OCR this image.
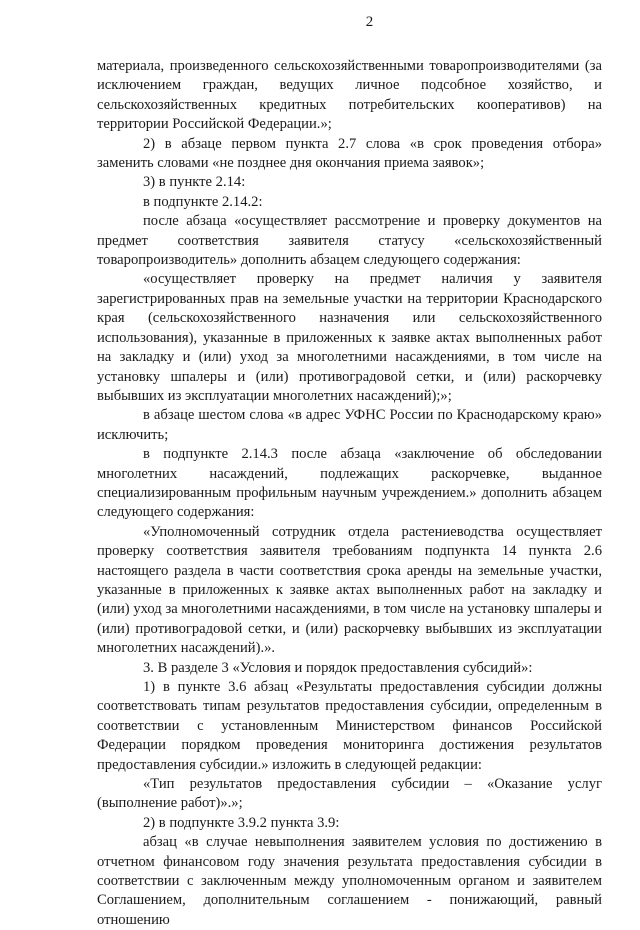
2

материала, произведенного сельскохозяйственными товаропроизводителями (за исключением граждан, ведущих личное подсобное хозяйство, и сельскохозяйственных кредитных потребительских кооперативов) на территории Российской Федерации.»;

2) в абзаце первом пункта 2.7 слова «в срок проведения отбора» заменить словами «не позднее дня окончания приема заявок»;

3) в пункте 2.14:

в подпункте 2.14.2:

после абзаца «осуществляет рассмотрение и проверку документов на предмет соответствия заявителя статусу «сельскохозяйственный товаропроизводитель» дополнить абзацем следующего содержания:

«осуществляет проверку на предмет наличия у заявителя зарегистрированных прав на земельные участки на территории Краснодарского края (сельскохозяйственного назначения или сельскохозяйственного использования), указанные в приложенных к заявке актах выполненных работ на закладку и (или) уход за многолетними насаждениями, в том числе на установку шпалеры и (или) противоградовой сетки, и (или) раскорчевку выбывших из эксплуатации многолетних насаждений);»;

в абзаце шестом слова «в адрес УФНС России по Краснодарскому краю» исключить;

в подпункте 2.14.3 после абзаца «заключение об обследовании многолетних насаждений, подлежащих раскорчевке, выданное специализированным профильным научным учреждением.» дополнить абзацем следующего содержания:

«Уполномоченный сотрудник отдела растениеводства осуществляет проверку соответствия заявителя требованиям подпункта 14 пункта 2.6 настоящего раздела в части соответствия срока аренды на земельные участки, указанные в приложенных к заявке актах выполненных работ на закладку и (или) уход за многолетними насаждениями, в том числе на установку шпалеры и (или) противоградовой сетки, и (или) раскорчевку выбывших из эксплуатации многолетних насаждений).».

3. В разделе 3 «Условия и порядок предоставления субсидий»:

1) в пункте 3.6 абзац «Результаты предоставления субсидии должны соответствовать типам результатов предоставления субсидии, определенным в соответствии с установленным Министерством финансов Российской Федерации порядком проведения мониторинга достижения результатов предоставления субсидии.» изложить в следующей редакции:

«Тип результатов предоставления субсидии – «Оказание услуг (выполнение работ)».»;

2) в подпункте 3.9.2 пункта 3.9:

абзац «в случае невыполнения заявителем условия по достижению в отчетном финансовом году значения результата предоставления субсидии в соответствии с заключенным между уполномоченным органом и заявителем Соглашением, дополнительным соглашением - понижающий, равный отношению
